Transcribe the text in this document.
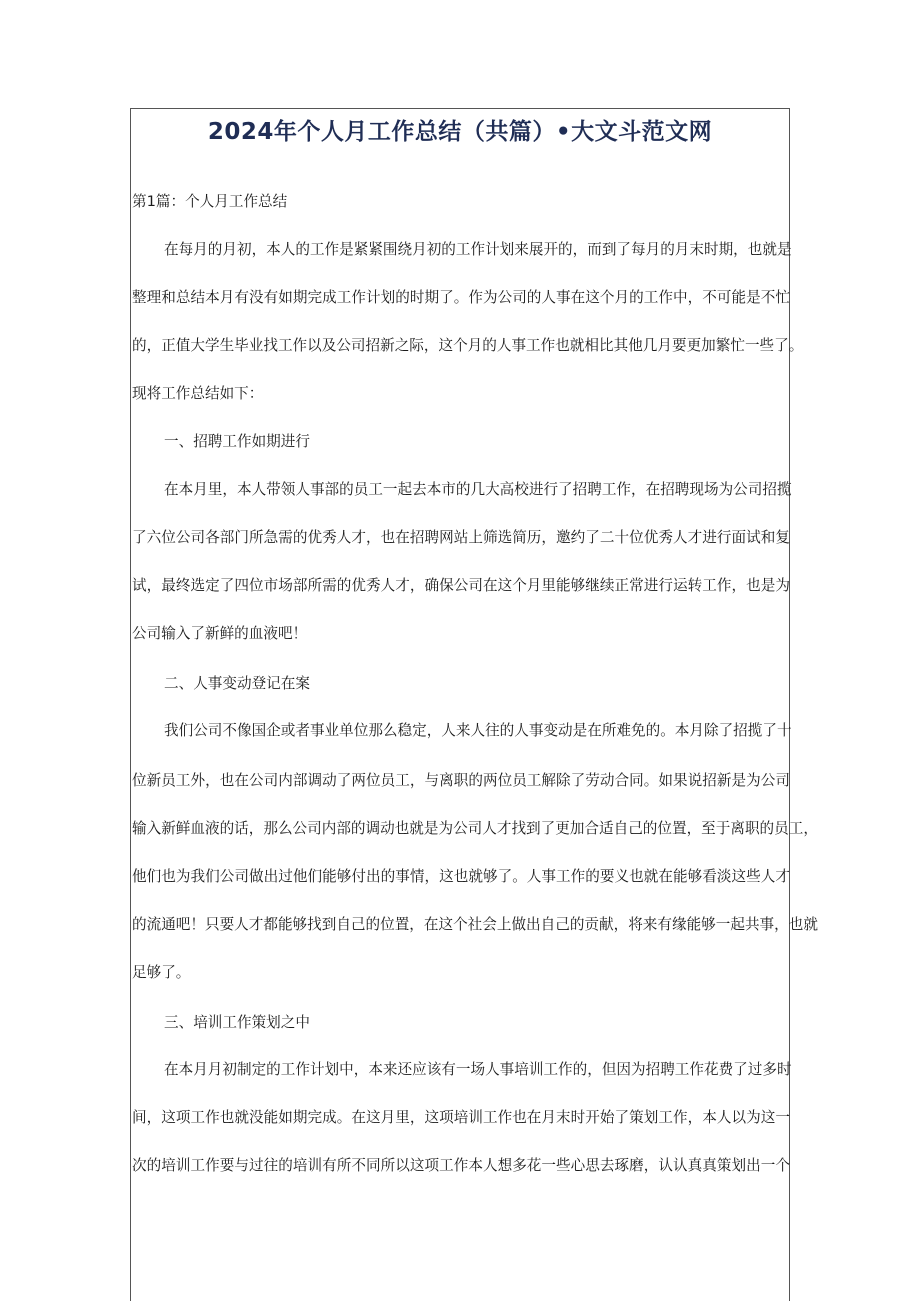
2024年个人月工作总结（共篇）•大文斗范文网
第1篇：个人月工作总结
在每月的月初，本人的工作是紧紧围绕月初的工作计划来展开的，而到了每月的月末时期，也就是
整理和总结本月有没有如期完成工作计划的时期了。作为公司的人事在这个月的工作中，不可能是不忙
的，正值大学生毕业找工作以及公司招新之际，这个月的人事工作也就相比其他几月要更加繁忙一些了。
现将工作总结如下：
一、招聘工作如期进行
在本月里，本人带领人事部的员工一起去本市的几大高校进行了招聘工作，在招聘现场为公司招揽
了六位公司各部门所急需的优秀人才，也在招聘网站上筛选简历，邀约了二十位优秀人才进行面试和复
试，最终选定了四位市场部所需的优秀人才，确保公司在这个月里能够继续正常进行运转工作，也是为
公司输入了新鲜的血液吧！
二、人事变动登记在案
我们公司不像国企或者事业单位那么稳定，人来人往的人事变动是在所难免的。本月除了招揽了十
位新员工外，也在公司内部调动了两位员工，与离职的两位员工解除了劳动合同。如果说招新是为公司
输入新鲜血液的话，那么公司内部的调动也就是为公司人才找到了更加合适自己的位置，至于离职的员工，
他们也为我们公司做出过他们能够付出的事情，这也就够了。人事工作的要义也就在能够看淡这些人才
的流通吧！只要人才都能够找到自己的位置，在这个社会上做出自己的贡献，将来有缘能够一起共事，也就
足够了。
三、培训工作策划之中
在本月月初制定的工作计划中，本来还应该有一场人事培训工作的，但因为招聘工作花费了过多时
间，这项工作也就没能如期完成。在这月里，这项培训工作也在月末时开始了策划工作，本人以为这一
次的培训工作要与过往的培训有所不同所以这项工作本人想多花一些心思去琢磨，认认真真策划出一个
